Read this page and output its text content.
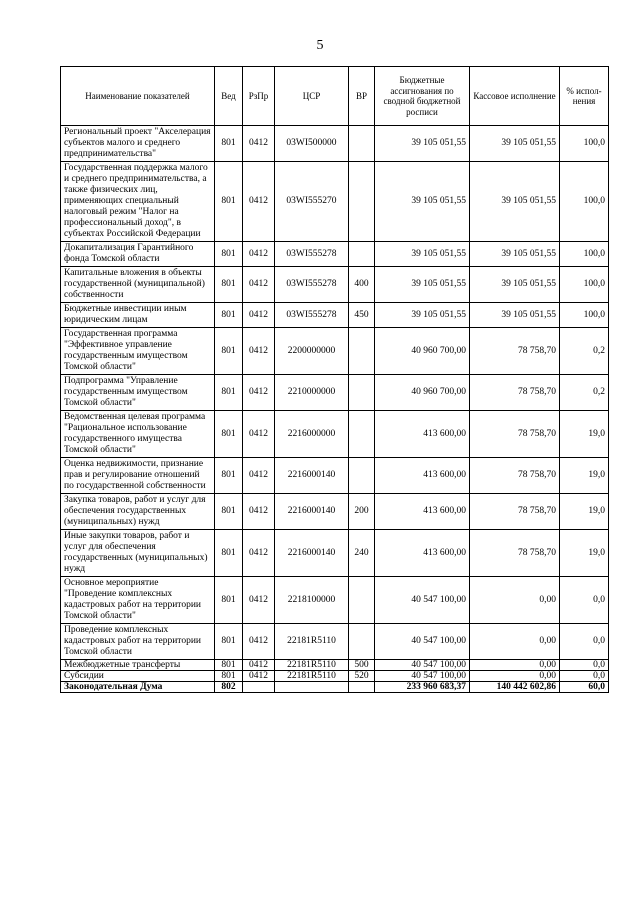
5
Наименование показателей	Вед	РзПр	ЦСР	ВР	Бюджетные ассигнования по сводной бюджетной росписи	Кассовое исполнение	% испол-нения
Региональный проект "Акселерация субъектов малого и среднего предпринимательства"	801	0412	03WI500000		39 105 051,55	39 105 051,55	100,0
Государственная поддержка малого и среднего предпринимательства, а также физических лиц, применяющих специальный налоговый режим "Налог на профессиональный доход", в субъектах Российской Федерации	801	0412	03WI555270		39 105 051,55	39 105 051,55	100,0
Докапитализация Гарантийного фонда Томской области	801	0412	03WI555278		39 105 051,55	39 105 051,55	100,0
Капитальные вложения в объекты государственной (муниципальной) собственности	801	0412	03WI555278	400	39 105 051,55	39 105 051,55	100,0
Бюджетные инвестиции иным юридическим лицам	801	0412	03WI555278	450	39 105 051,55	39 105 051,55	100,0
Государственная программа "Эффективное управление государственным имуществом Томской области"	801	0412	2200000000		40 960 700,00	78 758,70	0,2
Подпрограмма "Управление государственным имуществом Томской области"	801	0412	2210000000		40 960 700,00	78 758,70	0,2
Ведомственная целевая программа "Рациональное использование государственного имущества Томской области"	801	0412	2216000000		413 600,00	78 758,70	19,0
Оценка недвижимости, признание прав и регулирование отношений по государственной собственности	801	0412	2216000140		413 600,00	78 758,70	19,0
Закупка товаров, работ и услуг для обеспечения государственных (муниципальных) нужд	801	0412	2216000140	200	413 600,00	78 758,70	19,0
Иные закупки товаров, работ и услуг для обеспечения государственных (муниципальных) нужд	801	0412	2216000140	240	413 600,00	78 758,70	19,0
Основное мероприятие "Проведение комплексных кадастровых работ на территории Томской области"	801	0412	2218100000		40 547 100,00	0,00	0,0
Проведение комплексных кадастровых работ на территории Томской области	801	0412	22181R5110		40 547 100,00	0,00	0,0
Межбюджетные трансферты	801	0412	22181R5110	500	40 547 100,00	0,00	0,0
Субсидии	801	0412	22181R5110	520	40 547 100,00	0,00	0,0
Законодательная Дума	802				233 960 683,37	140 442 602,86	60,0
